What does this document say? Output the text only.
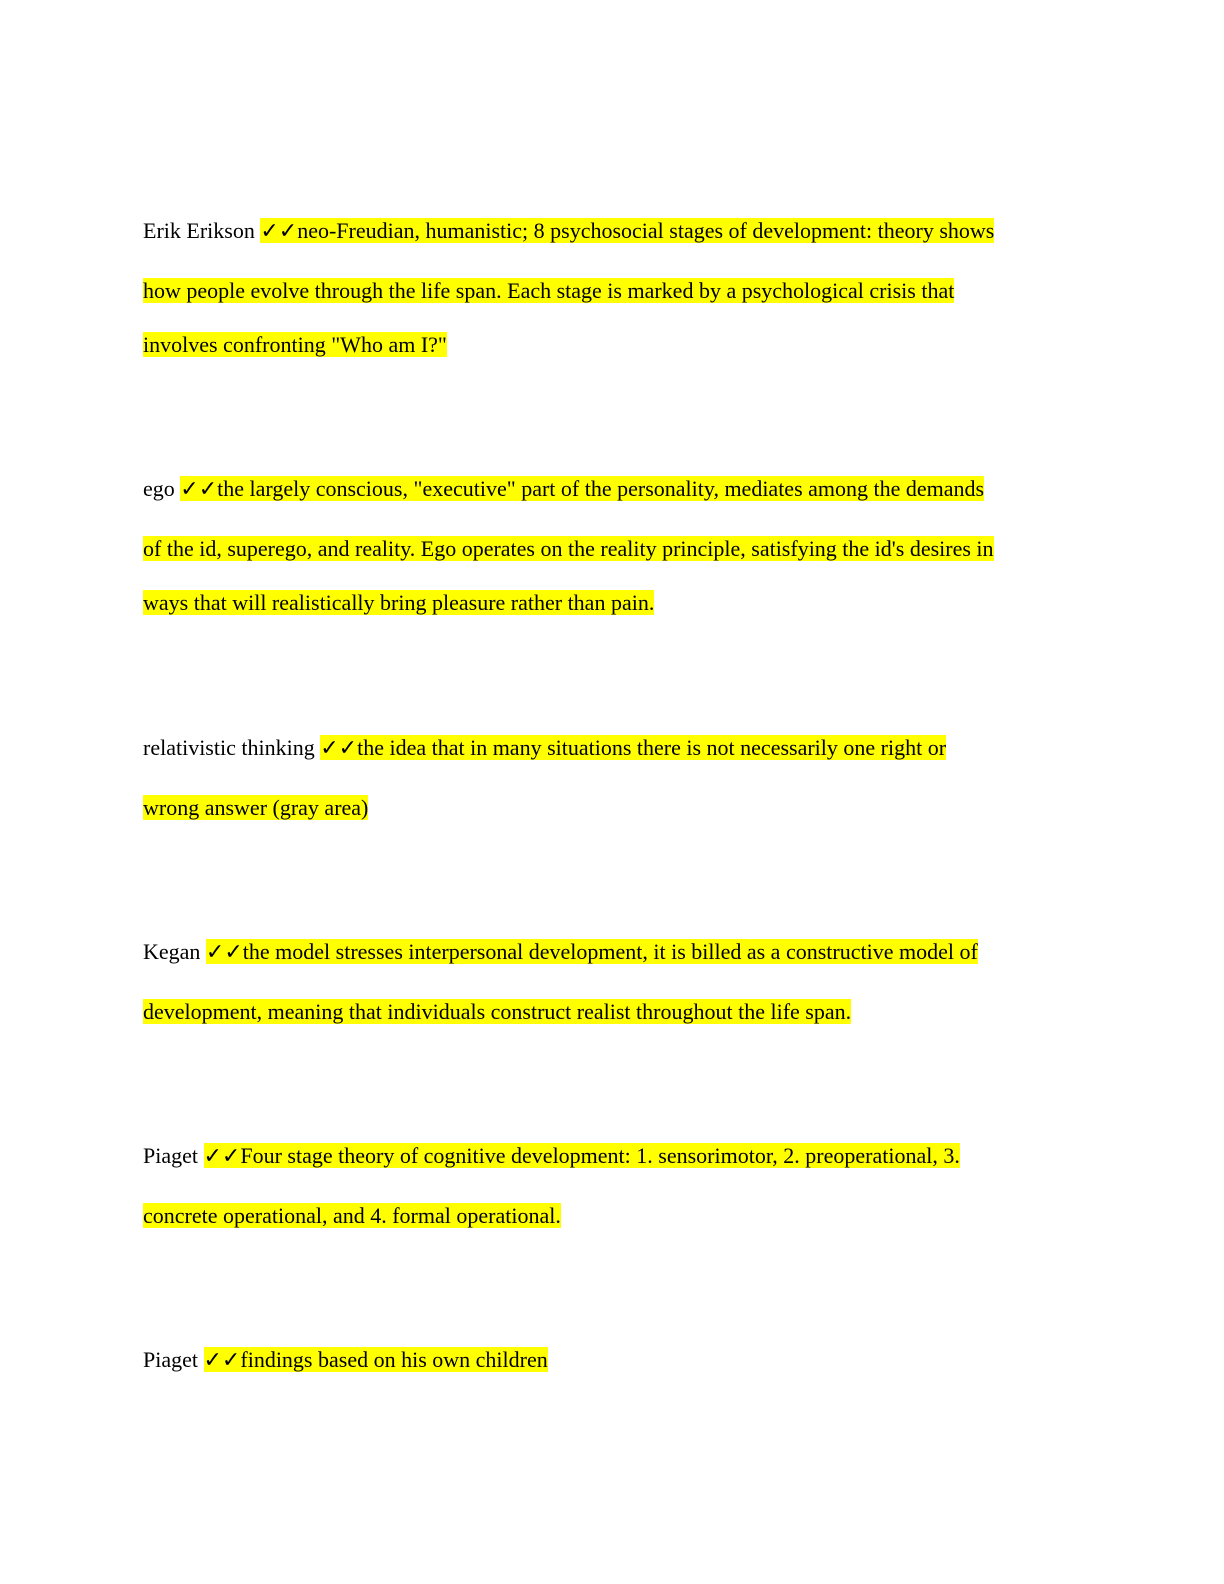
Erik Erikson ✓✓neo-Freudian, humanistic; 8 psychosocial stages of development: theory shows
how people evolve through the life span. Each stage is marked by a psychological crisis that
involves confronting "Who am I?"
ego ✓✓the largely conscious, "executive" part of the personality, mediates among the demands
of the id, superego, and reality. Ego operates on the reality principle, satisfying the id's desires in
ways that will realistically bring pleasure rather than pain.
relativistic thinking ✓✓the idea that in many situations there is not necessarily one right or
wrong answer (gray area)
Kegan ✓✓the model stresses interpersonal development, it is billed as a constructive model of
development, meaning that individuals construct realist throughout the life span.
Piaget ✓✓Four stage theory of cognitive development: 1. sensorimotor, 2. preoperational, 3.
concrete operational, and 4. formal operational.
Piaget ✓✓findings based on his own children
